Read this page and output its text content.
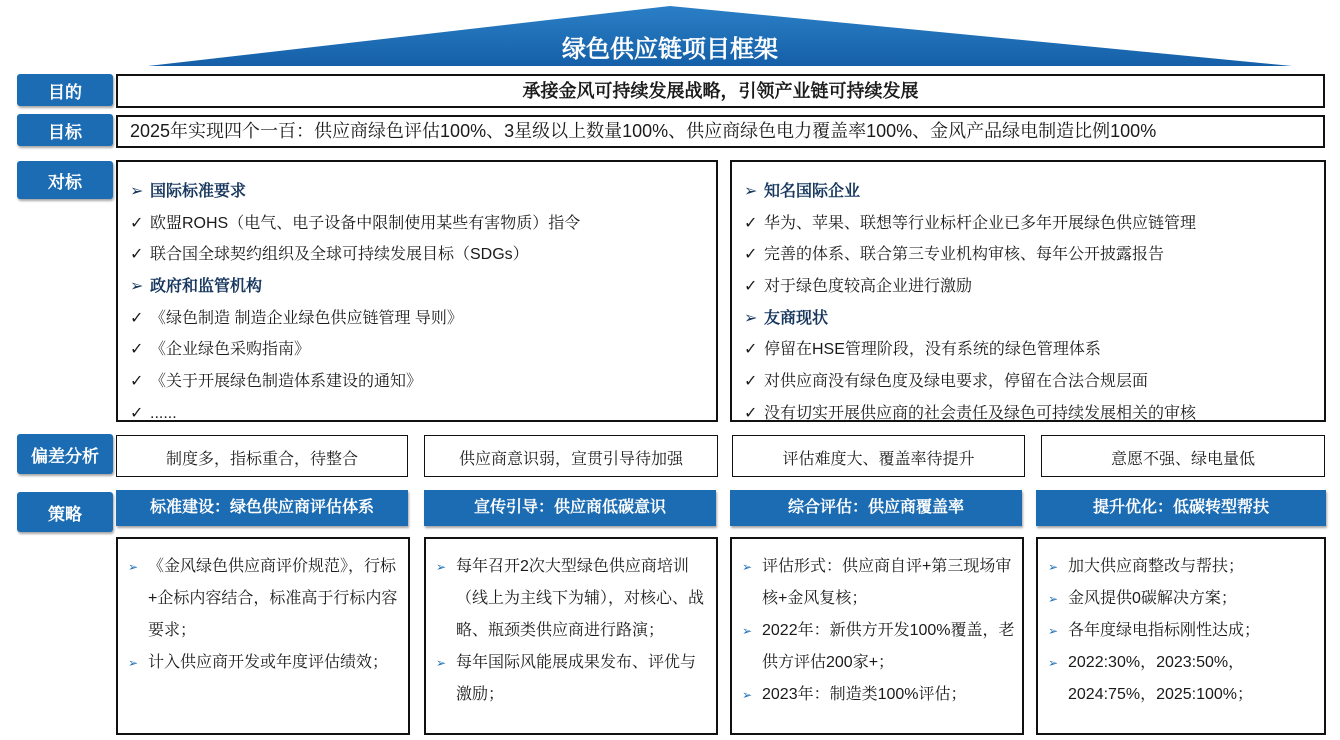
绿色供应链项目框架
目的	承接金风可持续发展战略，引领产业链可持续发展
目标	2025年实现四个一百：供应商绿色评估100%、3星级以上数量100%、供应商绿色电力覆盖率100%、金风产品绿电制造比例100%
对标	➢ 国际标准要求
✓ 欧盟ROHS（电气、电子设备中限制使用某些有害物质）指令
✓ 联合国全球契约组织及全球可持续发展目标（SDGs）
➢ 政府和监管机构
✓ 《绿色制造 制造企业绿色供应链管理 导则》
✓ 《企业绿色采购指南》
✓ 《关于开展绿色制造体系建设的通知》
✓ ......
➢ 知名国际企业
✓ 华为、苹果、联想等行业标杆企业已多年开展绿色供应链管理
✓ 完善的体系、联合第三专业机构审核、每年公开披露报告
✓ 对于绿色度较高企业进行激励
➢ 友商现状
✓ 停留在HSE管理阶段，没有系统的绿色管理体系
✓ 对供应商没有绿色度及绿电要求，停留在合法合规层面
✓ 没有切实开展供应商的社会责任及绿色可持续发展相关的审核
偏差分析	制度多，指标重合，待整合	供应商意识弱，宣贯引导待加强	评估难度大、覆盖率待提升	意愿不强、绿电量低
策略	标准建设：绿色供应商评估体系	宣传引导：供应商低碳意识	综合评估：供应商覆盖率	提升优化：低碳转型帮扶
➢ 《金风绿色供应商评价规范》，行标+企标内容结合，标准高于行标内容要求；
➢ 计入供应商开发或年度评估绩效；
➢ 每年召开2次大型绿色供应商培训（线上为主线下为辅），对核心、战略、瓶颈类供应商进行路演；
➢ 每年国际风能展成果发布、评优与激励；
➢ 评估形式：供应商自评+第三现场审核+金风复核；
➢ 2022年：新供方开发100%覆盖，老供方评估200家+；
➢ 2023年：制造类100%评估；
➢ 加大供应商整改与帮扶；
➢ 金风提供0碳解决方案；
➢ 各年度绿电指标刚性达成；
➢ 2022:30%，2023:50%，2024:75%，2025:100%；
